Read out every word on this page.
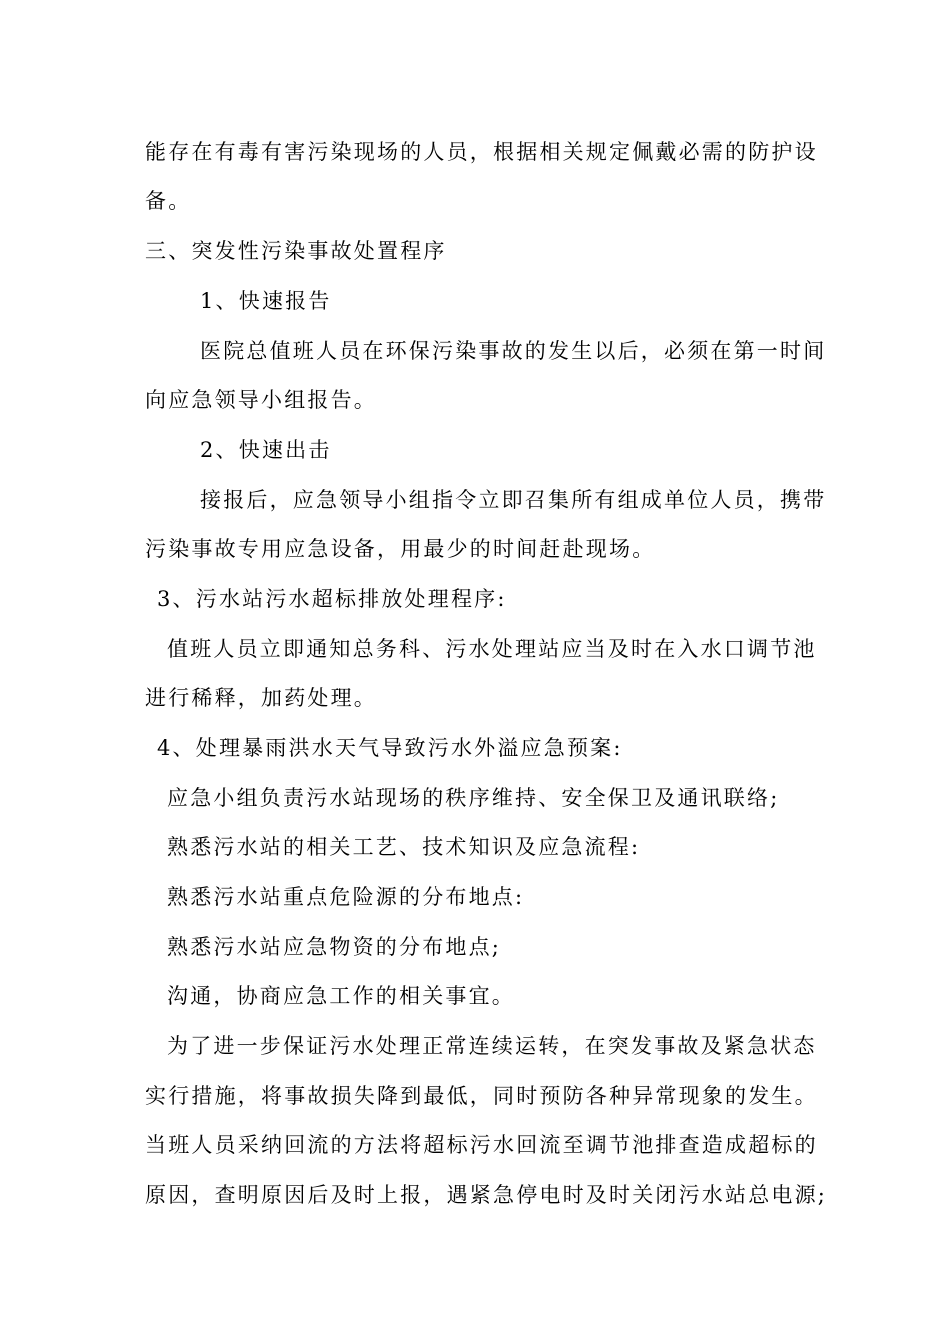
能存在有毒有害污染现场的人员，根据相关规定佩戴必需的防护设
备。
三、突发性污染事故处置程序
1、快速报告
医院总值班人员在环保污染事故的发生以后，必须在第一时间
向应急领导小组报告。
2、快速出击
接报后，应急领导小组指令立即召集所有组成单位人员，携带
污染事故专用应急设备，用最少的时间赶赴现场。
3、污水站污水超标排放处理程序:
值班人员立即通知总务科、污水处理站应当及时在入水口调节池
进行稀释，加药处理。
4、处理暴雨洪水天气导致污水外溢应急预案:
应急小组负责污水站现场的秩序维持、安全保卫及通讯联络;
熟悉污水站的相关工艺、技术知识及应急流程:
熟悉污水站重点危险源的分布地点:
熟悉污水站应急物资的分布地点;
沟通，协商应急工作的相关事宜。
为了进一步保证污水处理正常连续运转，在突发事故及紧急状态
实行措施，将事故损失降到最低，同时预防各种异常现象的发生。
当班人员采纳回流的方法将超标污水回流至调节池排查造成超标的
原因，查明原因后及时上报，遇紧急停电时及时关闭污水站总电源;
